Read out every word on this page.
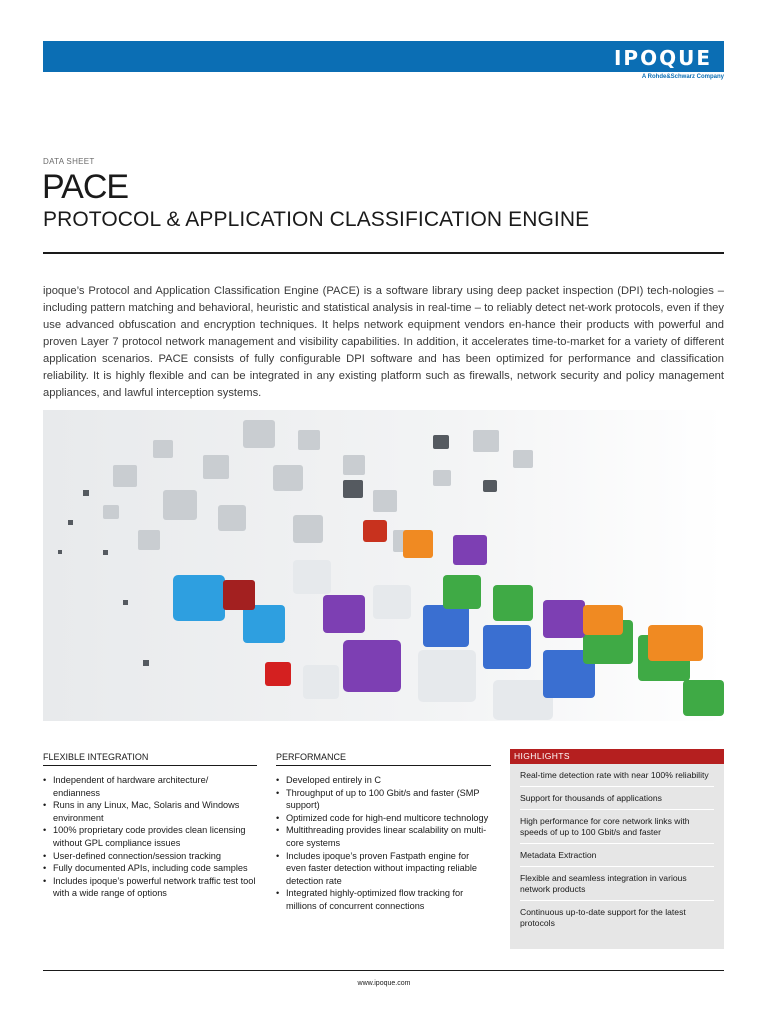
IPOQUE
A Rohde&Schwarz Company
DATA SHEET
PACE
PROTOCOL & APPLICATION CLASSIFICATION ENGINE

ipoque’s Protocol and Application Classification Engine (PACE) is a software library using deep packet inspection (DPI) tech-nologies – including pattern matching and behavioral, heuristic and statistical analysis in real-time – to reliably detect net-work protocols, even if they use advanced obfuscation and encryption techniques. It helps network equipment vendors en-hance their products with powerful and proven Layer 7 protocol network management and visibility capabilities. In addition, it accelerates time-to-market for a variety of different application scenarios. PACE consists of fully configurable DPI software and has been optimized for performance and classification reliability. It is highly flexible and can be integrated in any existing platform such as firewalls, network security and policy management appliances, and lawful interception systems.

FLEXIBLE INTEGRATION
• Independent of hardware architecture/ endianness
• Runs in any Linux, Mac, Solaris and Windows environment
• 100% proprietary code provides clean licensing without GPL compliance issues
• User-defined connection/session tracking
• Fully documented APIs, including code samples
• Includes ipoque’s powerful network traffic test tool with a wide range of options
PERFORMANCE
• Developed entirely in C
• Throughput of up to 100 Gbit/s and faster (SMP support)
• Optimized code for high-end multicore technology
• Multithreading provides linear scalability on multi-core systems
• Includes ipoque’s proven Fastpath engine for even faster detection without impacting reliable detection rate
• Integrated highly-optimized flow tracking for millions of concurrent connections
HIGHLIGHTS
Real-time detection rate with near 100% reliability
Support for thousands of applications
High performance for core network links with speeds of up to 100 Gbit/s and faster
Metadata Extraction
Flexible and seamless integration in various network products
Continuous up-to-date support for the latest protocols
www.ipoque.com
